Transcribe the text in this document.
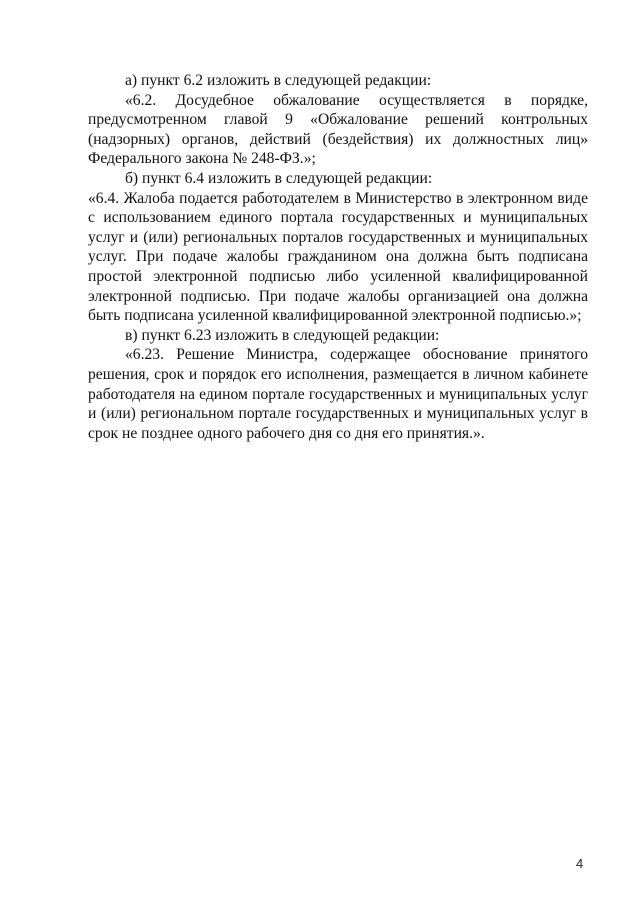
а) пункт 6.2 изложить в следующей редакции:

«6.2. Досудебное обжалование осуществляется в порядке, предусмотренном главой 9 «Обжалование решений контрольных (надзорных) органов, действий (бездействия) их должностных лиц» Федерального закона № 248-ФЗ.»;

б) пункт 6.4 изложить в следующей редакции:

«6.4. Жалоба подается работодателем в Министерство в электронном виде с использованием единого портала государственных и муниципальных услуг и (или) региональных порталов государственных и муниципальных услуг. При подаче жалобы гражданином она должна быть подписана простой электронной подписью либо усиленной квалифицированной электронной подписью. При подаче жалобы организацией она должна быть подписана усиленной квалифицированной электронной подписью.»;

в) пункт 6.23 изложить в следующей редакции:

«6.23. Решение Министра, содержащее обоснование принятого решения, срок и порядок его исполнения, размещается в личном кабинете работодателя на едином портале государственных и муниципальных услуг и (или) региональном портале государственных и муниципальных услуг в срок не позднее одного рабочего дня со дня его принятия.».

4
